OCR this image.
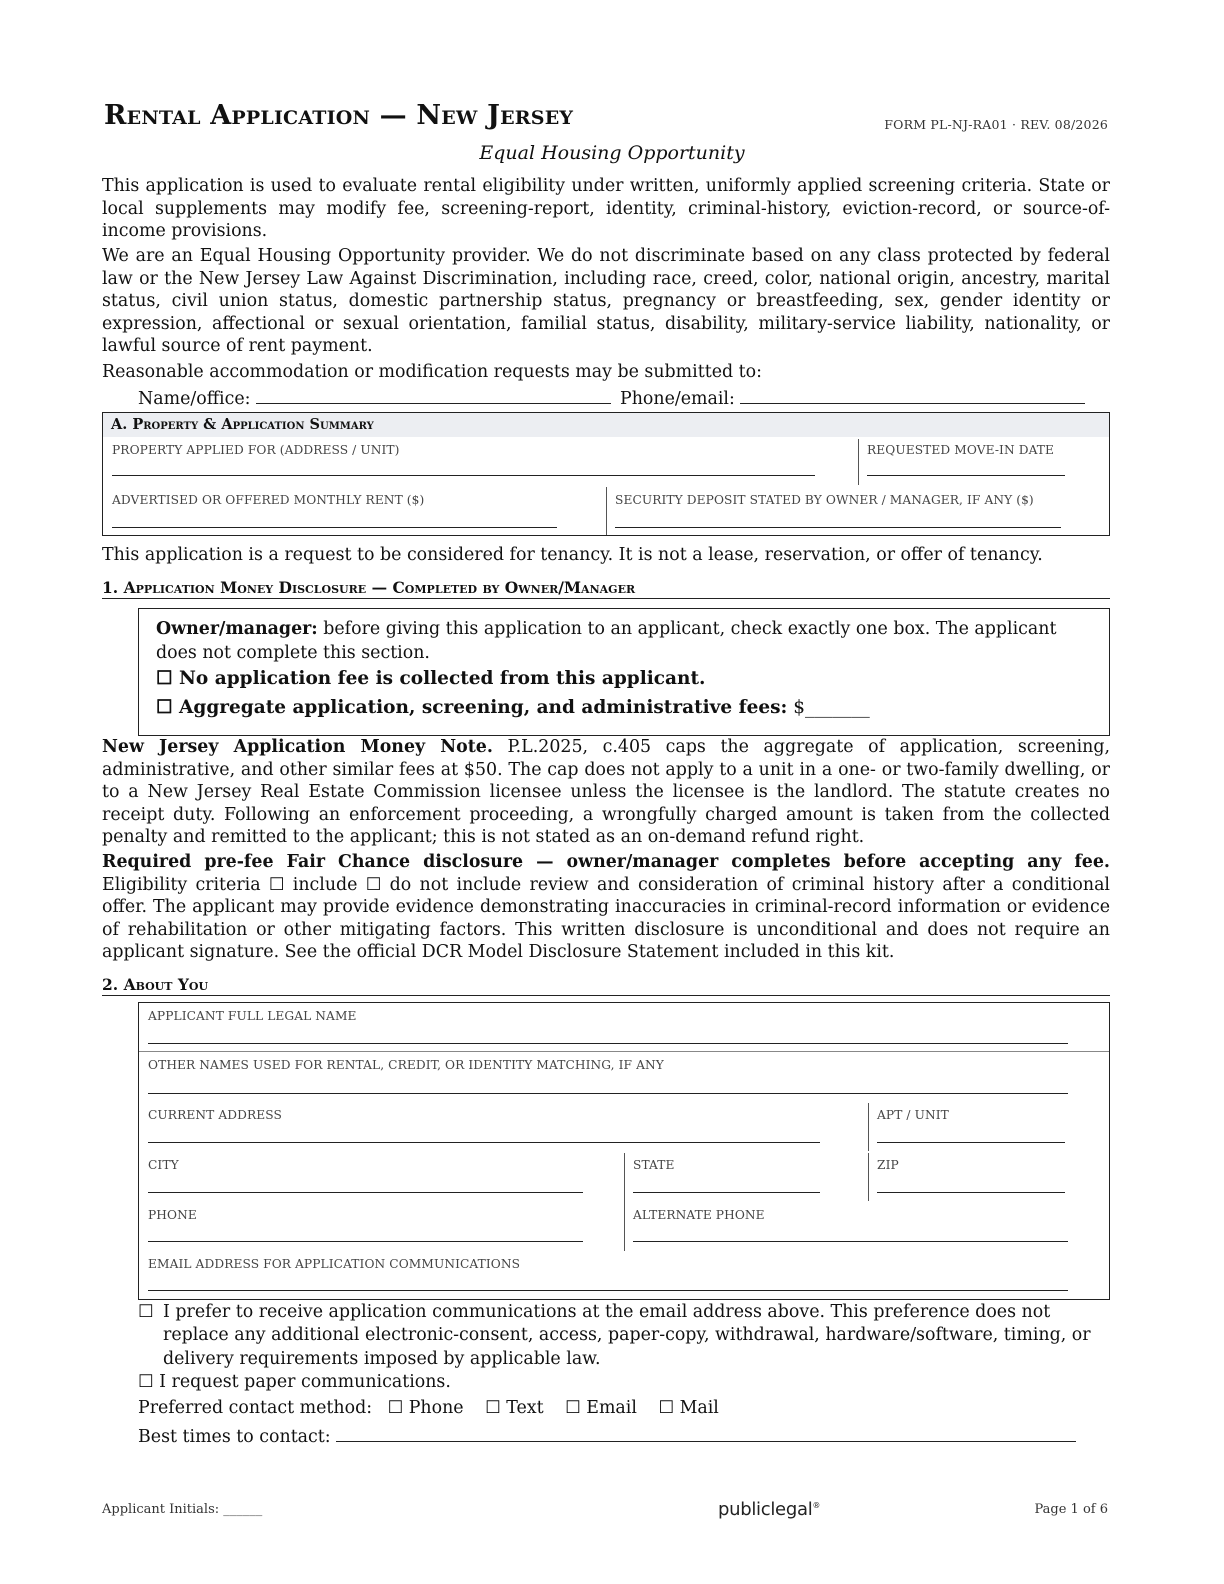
Rental Application — New Jersey	FORM PL-NJ-RA01 · REV. 08/2026
Equal Housing Opportunity
This application is used to evaluate rental eligibility under written, uniformly applied screening criteria. State or local supplements may modify fee, screening-report, identity, criminal-history, eviction-record, or source-of-income provisions.
We are an Equal Housing Opportunity provider. We do not discriminate based on any class protected by federal law or the New Jersey Law Against Discrimination, including race, creed, color, national origin, ancestry, marital status, civil union status, domestic partnership status, pregnancy or breastfeeding, sex, gender identity or expression, affectional or sexual orientation, familial status, disability, military-service liability, nationality, or lawful source of rent payment.
Reasonable accommodation or modification requests may be submitted to:
Name/office:	Phone/email:
A. Property & Application Summary
PROPERTY APPLIED FOR (ADDRESS / UNIT)	REQUESTED MOVE-IN DATE
ADVERTISED OR OFFERED MONTHLY RENT ($)	SECURITY DEPOSIT STATED BY OWNER / MANAGER, IF ANY ($)
This application is a request to be considered for tenancy. It is not a lease, reservation, or offer of tenancy.
1. Application Money Disclosure — Completed by Owner/Manager
Owner/manager: before giving this application to an applicant, check exactly one box. The applicant does not complete this section.
☐ No application fee is collected from this applicant.
☐ Aggregate application, screening, and administrative fees: $_______
New Jersey Application Money Note. P.L.2025, c.405 caps the aggregate of application, screening, administrative, and other similar fees at $50. The cap does not apply to a unit in a one- or two-family dwelling, or to a New Jersey Real Estate Commission licensee unless the licensee is the landlord. The statute creates no receipt duty. Following an enforcement proceeding, a wrongfully charged amount is taken from the collected penalty and remitted to the applicant; this is not stated as an on-demand refund right.
Required pre-fee Fair Chance disclosure — owner/manager completes before accepting any fee. Eligibility criteria ☐ include ☐ do not include review and consideration of criminal history after a conditional offer. The applicant may provide evidence demonstrating inaccuracies in criminal-record information or evidence of rehabilitation or other mitigating factors. This written disclosure is unconditional and does not require an applicant signature. See the official DCR Model Disclosure Statement included in this kit.
2. About You
APPLICANT FULL LEGAL NAME
OTHER NAMES USED FOR RENTAL, CREDIT, OR IDENTITY MATCHING, IF ANY
CURRENT ADDRESS	APT / UNIT
CITY	STATE	ZIP
PHONE	ALTERNATE PHONE
EMAIL ADDRESS FOR APPLICATION COMMUNICATIONS
☐ I prefer to receive application communications at the email address above. This preference does not replace any additional electronic-consent, access, paper-copy, withdrawal, hardware/software, timing, or delivery requirements imposed by applicable law.
☐ I request paper communications.
Preferred contact method: ☐ Phone ☐ Text ☐ Email ☐ Mail
Best times to contact:
Applicant Initials: ______	publiclegal®	Page 1 of 6
